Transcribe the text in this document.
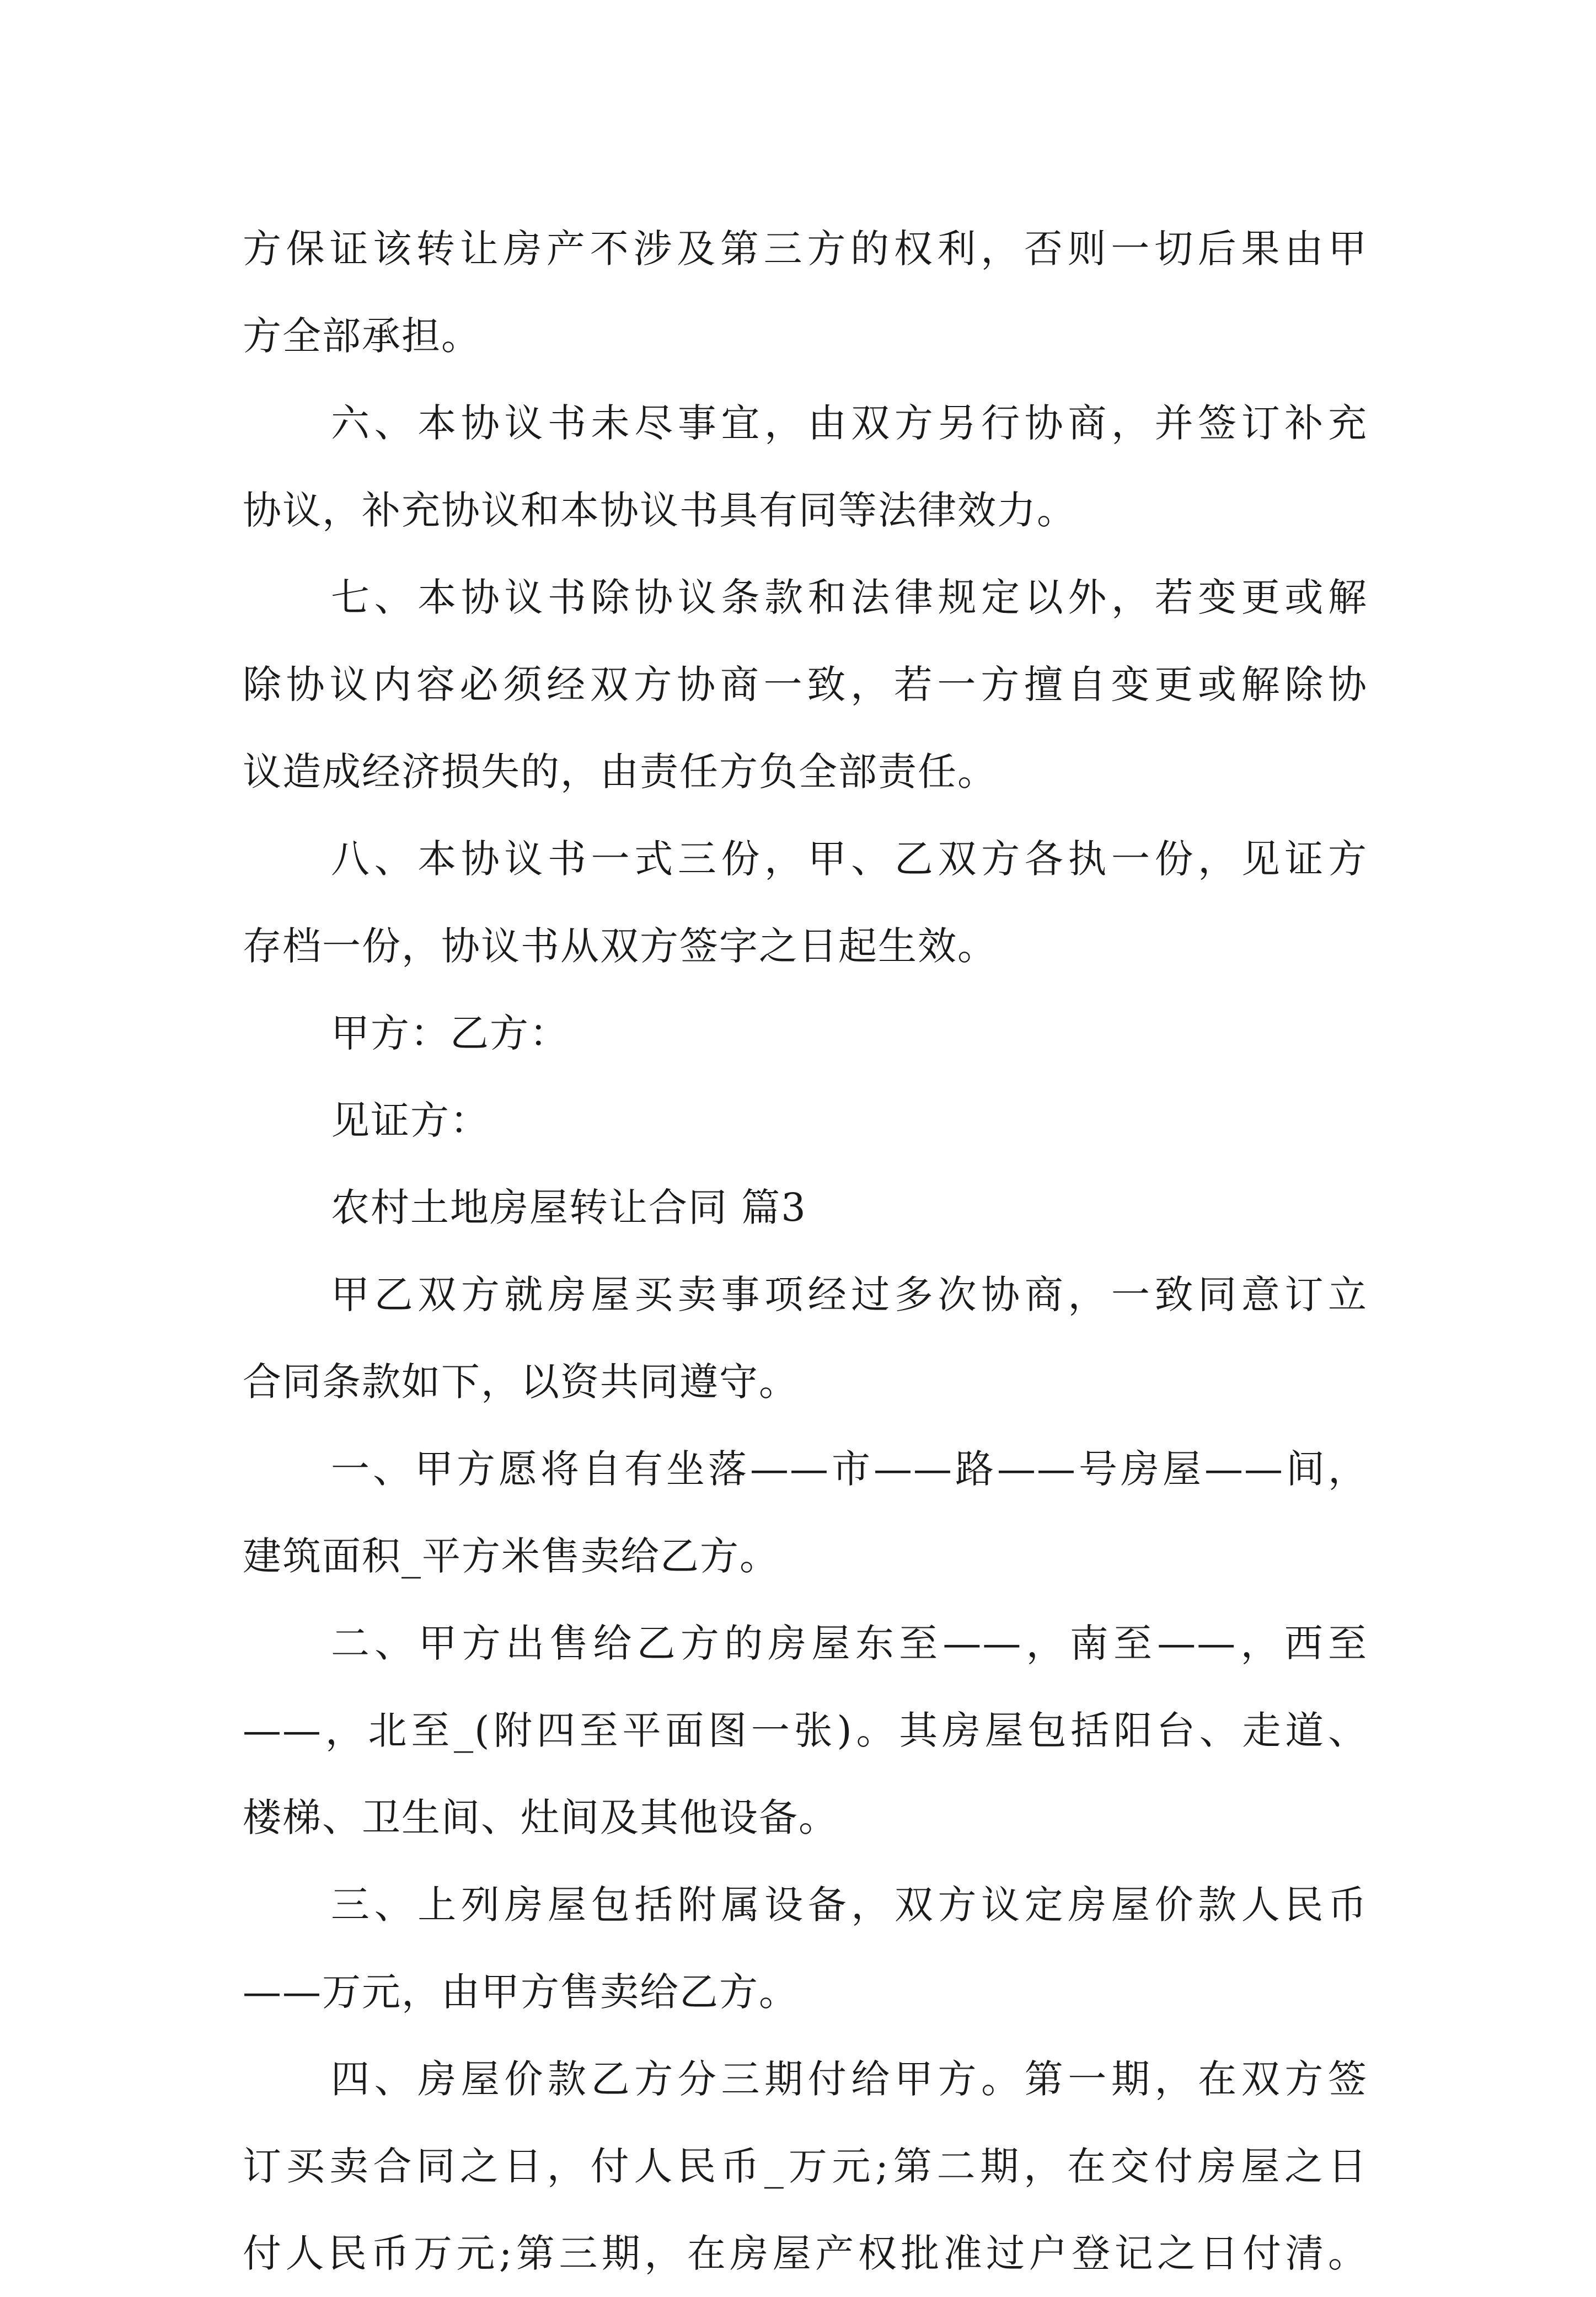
方保证该转让房产不涉及第三方的权利，否则一切后果由甲
方全部承担。
六、本协议书未尽事宜，由双方另行协商，并签订补充
协议，补充协议和本协议书具有同等法律效力。
七、本协议书除协议条款和法律规定以外，若变更或解
除协议内容必须经双方协商一致，若一方擅自变更或解除协
议造成经济损失的，由责任方负全部责任。
八、本协议书一式三份，甲、乙双方各执一份，见证方
存档一份，协议书从双方签字之日起生效。
甲方：乙方：
见证方：
农村土地房屋转让合同 篇3
甲乙双方就房屋买卖事项经过多次协商，一致同意订立
合同条款如下，以资共同遵守。
一、甲方愿将自有坐落——市——路——号房屋——间，
建筑面积_平方米售卖给乙方。
二、甲方出售给乙方的房屋东至——，南至——，西至
——，北至_(附四至平面图一张)。其房屋包括阳台、走道、
楼梯、卫生间、灶间及其他设备。
三、上列房屋包括附属设备，双方议定房屋价款人民币
——万元，由甲方售卖给乙方。
四、房屋价款乙方分三期付给甲方。第一期，在双方签
订买卖合同之日，付人民币_万元;第二期，在交付房屋之日
付人民币万元;第三期，在房屋产权批准过户登记之日付清。
